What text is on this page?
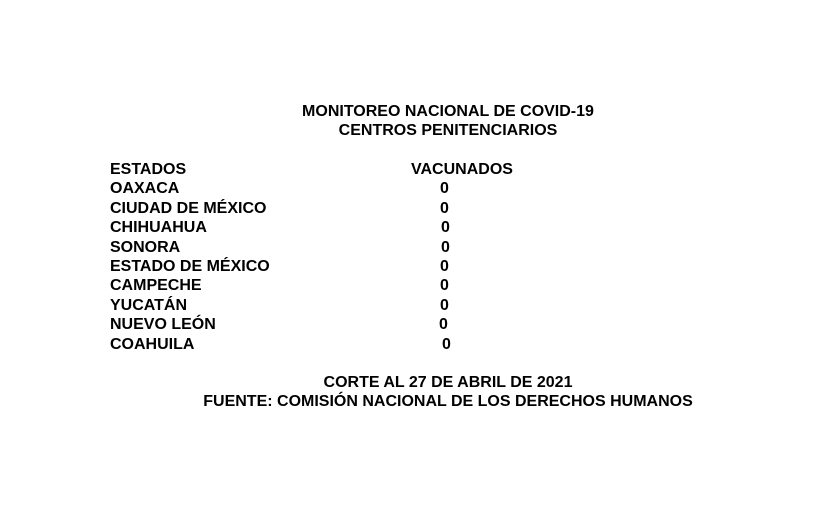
MONITOREO NACIONAL DE COVID-19
CENTROS PENITENCIARIOS
ESTADOS	VACUNADOS
OAXACA	0
CIUDAD DE MÉXICO	0
CHIHUAHUA	0
SONORA	0
ESTADO DE MÉXICO	0
CAMPECHE	0
YUCATÁN	0
NUEVO LEÓN	0
COAHUILA	0
CORTE AL 27 DE ABRIL DE 2021
FUENTE: COMISIÓN NACIONAL DE LOS DERECHOS HUMANOS
